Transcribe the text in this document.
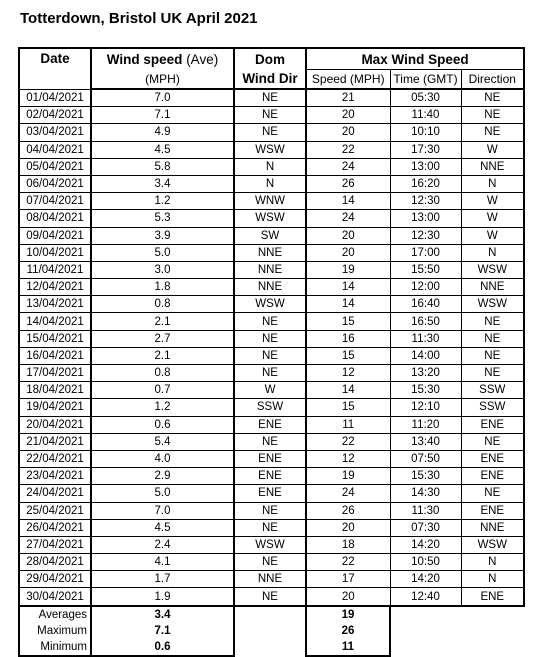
Totterdown, Bristol UK April 2021
Date	Wind speed (Ave)	Dom	Max Wind Speed		
	(MPH)	Wind Dir	Speed (MPH)	Time (GMT)	Direction
01/04/2021	7.0	NE	21	05:30	NE
02/04/2021	7.1	NE	20	11:40	NE
03/04/2021	4.9	NE	20	10:10	NE
04/04/2021	4.5	WSW	22	17:30	W
05/04/2021	5.8	N	24	13:00	NNE
06/04/2021	3.4	N	26	16:20	N
07/04/2021	1.2	WNW	14	12:30	W
08/04/2021	5.3	WSW	24	13:00	W
09/04/2021	3.9	SW	20	12:30	W
10/04/2021	5.0	NNE	20	17:00	N
11/04/2021	3.0	NNE	19	15:50	WSW
12/04/2021	1.8	NNE	14	12:00	NNE
13/04/2021	0.8	WSW	14	16:40	WSW
14/04/2021	2.1	NE	15	16:50	NE
15/04/2021	2.7	NE	16	11:30	NE
16/04/2021	2.1	NE	15	14:00	NE
17/04/2021	0.8	NE	12	13:20	NE
18/04/2021	0.7	W	14	15:30	SSW
19/04/2021	1.2	SSW	15	12:10	SSW
20/04/2021	0.6	ENE	11	11:20	ENE
21/04/2021	5.4	NE	22	13:40	NE
22/04/2021	4.0	ENE	12	07:50	ENE
23/04/2021	2.9	ENE	19	15:30	ENE
24/04/2021	5.0	ENE	24	14:30	NE
25/04/2021	7.0	NE	26	11:30	ENE
26/04/2021	4.5	NE	20	07:30	NNE
27/04/2021	2.4	WSW	18	14:20	WSW
28/04/2021	4.1	NE	22	10:50	N
29/04/2021	1.7	NNE	17	14:20	N
30/04/2021	1.9	NE	20	12:40	ENE
Averages	3.4		19		
Maximum	7.1		26		
Minimum	0.6		11		
